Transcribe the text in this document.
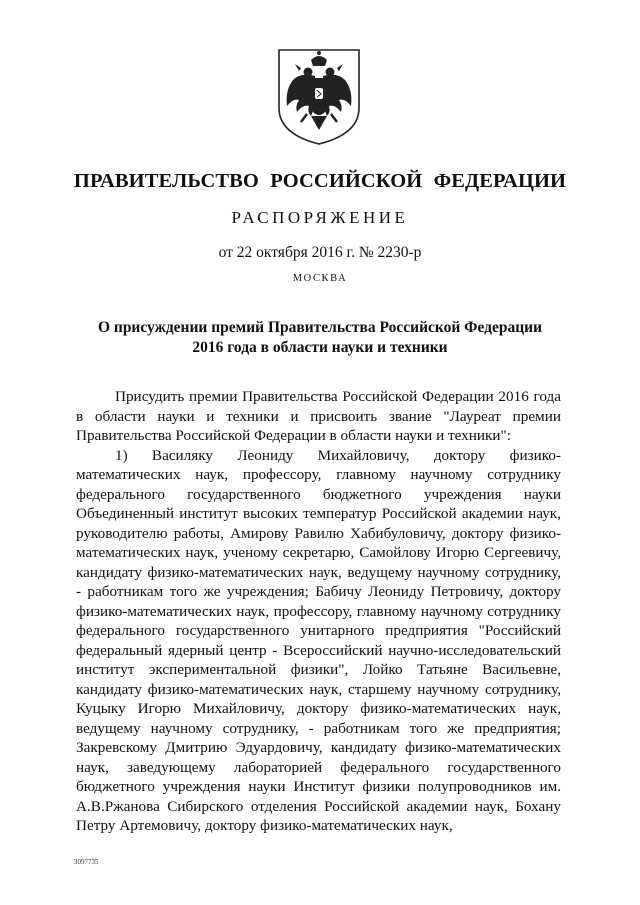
ПРАВИТЕЛЬСТВО РОССИЙСКОЙ ФЕДЕРАЦИИ
РАСПОРЯЖЕНИЕ
от 22 октября 2016 г. № 2230-р
МОСКВА
О присуждении премий Правительства Российской Федерации
2016 года в области науки и техники

Присудить премии Правительства Российской Федерации 2016 года в области науки и техники и присвоить звание "Лауреат премии Правительства Российской Федерации в области науки и техники":

1) Василяку Леониду Михайловичу, доктору физико-математических наук, профессору, главному научному сотруднику федерального государственного бюджетного учреждения науки Объединенный институт высоких температур Российской академии наук, руководителю работы, Амирову Равилю Хабибуловичу, доктору физико-математических наук, ученому секретарю, Самойлову Игорю Сергеевичу, кандидату физико-математических наук, ведущему научному сотруднику, - работникам того же учреждения; Бабичу Леониду Петровичу, доктору физико-математических наук, профессору, главному научному сотруднику федерального государственного унитарного предприятия "Российский федеральный ядерный центр - Всероссийский научно-исследовательский институт экспериментальной физики", Лойко Татьяне Васильевне, кандидату физико-математических наук, старшему научному сотруднику, Куцыку Игорю Михайловичу, доктору физико-математических наук, ведущему научному сотруднику, - работникам того же предприятия; Закревскому Дмитрию Эдуардовичу, кандидату физико-математических наук, заведующему лабораторией федерального государственного бюджетного учреждения науки Институт физики полупроводников им. А.В.Ржанова Сибирского отделения Российской академии наук, Бохану Петру Артемовичу, доктору физико-математических наук,

3097735
